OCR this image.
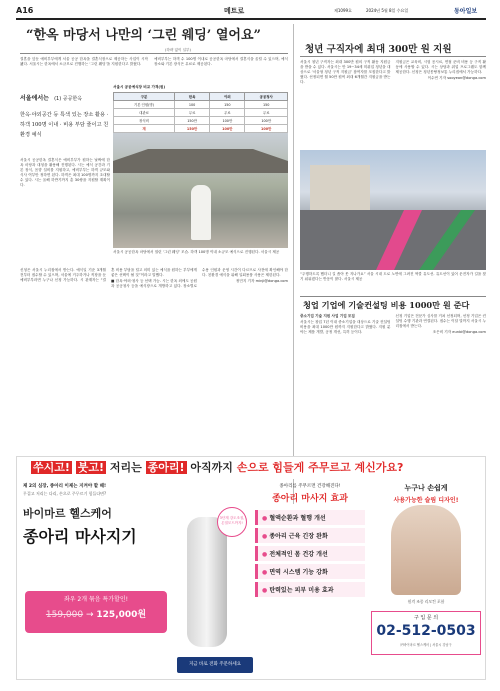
A16	메트로	제1099호	2024년 5월 8일 수요일	동아일보
“한옥 마당서 나만의 ‘그린 웨딩’ 열어요”
(하략 없이 일부)
결혼을 앞둔 예비부부에게 서울 공공 한옥을 결혼식장으로 제공하는 사업이 시작됐다. 서울시는 한옥에서 소규모로 진행하는 ‘그린 웨딩’을 지원한다고 밝혔다.
예비부부는 하객 수 100명 이내로 공공한옥 마당에서 결혼식을 올릴 수 있으며, 예식 장소와 기본 장식은 무료로 제공된다.
서울에서는 (1) 공공한옥
한옥·야외공간 등 특색 있는 장소 활용 · 하객 100명 이내 · 비용 부담 줄이고 친환경 예식
서울시 공공예식장 비교 가격(원)
구분	한옥	야외	공공청사
기본 인원(명)	100	150	150
대관료	무료	무료	무료
장식비	150만	100만	100만
계	150만	100만	100만
서울시 공공한옥 마당에서 열린 ‘그린 웨딩’ 모습. 하객 100명 이내 소규모 예식으로 진행된다. 서울시 제공

서울시 공공한옥 결혼식은 예비부부가 원하는 날짜에 한옥 마당과 대청을 활용해 진행된다. 시는 예식 공간과 기본 장식, 음향 설비를 지원하고, 예비부부는 하객 규모와 식사 여부만 정하면 된다. 하객은 최대 100명까지 초대할 수 있다. 시는 올해 하반기까지 총 30쌍을 지원할 계획이다.

신청은 서울시 누리집에서 받는다. 예식일 기준 3개월 전부터 접수할 수 있으며, 서울에 거주하거나 직장을 둔 예비부부라면 누구나 신청 가능하다. 시 관계자는 “결혼 비용 부담을 덜고 의미 있는 예식을 원하는 부부에게 좋은 선택이 될 것”이라고 말했다.

■ 한옥·야외·청사 등 선택 가능. 시는 한옥 외에도 공원과 공공청사 등을 예식장으로 개방하고 있다. 장소별로 수용 인원과 운영 시간이 다르므로 사전에 확인해야 한다. 친환경 예식을 위해 일회용품 사용은 제한된다.

정민지 기자 minji@donga.com

청년 구직자에 최대 300만 원 지원

서울시 청년 구직자는 최대 300만 원의 구직 활동 지원금을 받을 수 있다. 서울시는 만 19~34세 미취업 청년을 대상으로 ‘서울형 청년 구직 지원금’ 참여자를 모집한다고 밝혔다. 선정되면 월 50만 원씩 최대 6개월간 지원금을 받는다.

지원금은 교육비, 시험 응시료, 면접 준비 비용 등 구직 활동에 사용할 수 있다. 시는 상담과 취업 프로그램도 함께 제공한다. 신청은 청년몽땅정보통 누리집에서 가능하다.

이수연 기자 sooyeon@donga.com

“주행하도록 했더니 길 좁아 못 지나가요” 서울 시내 도로 노면에 그려진 색깔 유도선. 유도선이 있어 운전자가 길을 찾기 쉬워졌다는 반응이 많다. 서울시 제공
청업 기업에 기술컨설팅 비용 1000만 원 준다

중소기업 기술 지원 사업 기업 모집

서울시는 창업 7년 이내 중소기업을 대상으로 기술 컨설팅 비용을 최대 1000만 원까지 지원한다고 밝혔다. 지원 분야는 제품 개발, 공정 개선, 특허 등이다.

신청 기업은 전문가 심사를 거쳐 선정되며, 선정 기업은 컨설팅 수행 기관과 연결된다. 접수는 이달 말까지 서울시 누리집에서 받는다.

조은비 기자 eunbi@donga.com

쑤시고! 붓고! 저리는 종아리! 아직까지 손으로 힘들게 주무르고 계신가요?
제 2의 심장, 종아리 이제는 지켜야 할 때!
무겁고 저리는 다리, 손으로 주무르기 힘들다면?
바이마르 헬스케어
종아리 마사지기
좌우 2개 묶음 특가할인!
159,000 → 125,000원
3단계 강도조절, 온열모드까지!
종아리를 주무르면 건강해진다!
종아리 마사지 효과
● 혈액순환과 혈행 개선
● 종아리 근육 긴장 완화
● 전체적인 몸 건강 개선
● 면역 시스템 기능 강화
● 탄력있는 피부 미용 효과
누구나 손쉽게
사용가능한 슬림 디자인!
원격 조종 리모컨 포함
구 입 문 의
02-512-0503
㈜바이마르 헬스케어 | 서울시 강남구
지금 바로 전화 주문하세요
